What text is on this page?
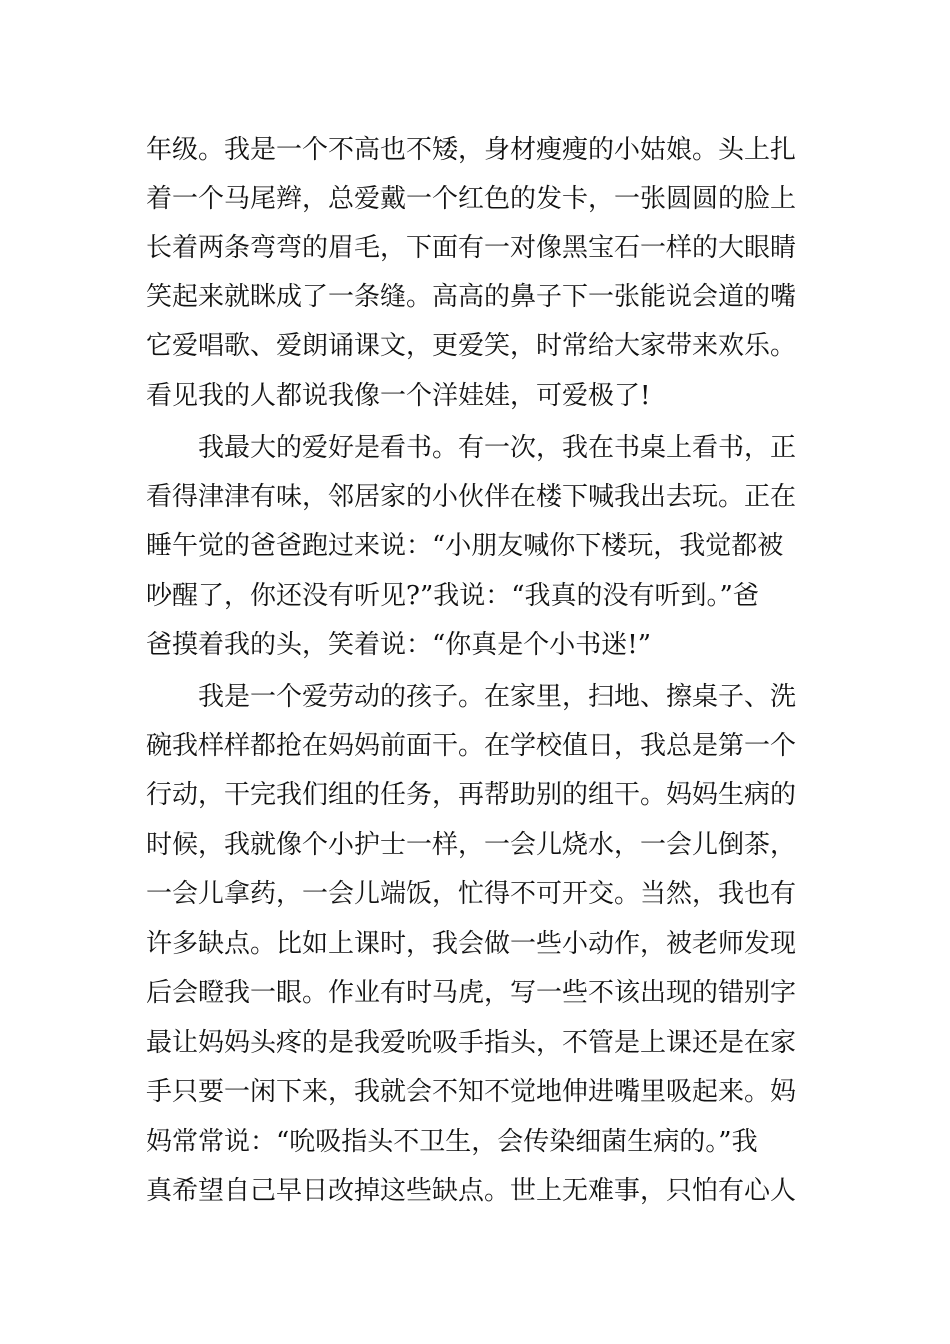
年级。我是一个不高也不矮，身材瘦瘦的小姑娘。头上扎
着一个马尾辫，总爱戴一个红色的发卡，一张圆圆的脸上
长着两条弯弯的眉毛，下面有一对像黑宝石一样的大眼睛
笑起来就眯成了一条缝。高高的鼻子下一张能说会道的嘴
它爱唱歌、爱朗诵课文，更爱笑，时常给大家带来欢乐。
看见我的人都说我像一个洋娃娃，可爱极了!
我最大的爱好是看书。有一次，我在书桌上看书，正
看得津津有味，邻居家的小伙伴在楼下喊我出去玩。正在
睡午觉的爸爸跑过来说：“小朋友喊你下楼玩，我觉都被
吵醒了，你还没有听见?”我说：“我真的没有听到。”爸
爸摸着我的头，笑着说：“你真是个小书迷!”
我是一个爱劳动的孩子。在家里，扫地、擦桌子、洗
碗我样样都抢在妈妈前面干。在学校值日，我总是第一个
行动，干完我们组的任务，再帮助别的组干。妈妈生病的
时候，我就像个小护士一样，一会儿烧水，一会儿倒茶，
一会儿拿药，一会儿端饭，忙得不可开交。当然，我也有
许多缺点。比如上课时，我会做一些小动作，被老师发现
后会瞪我一眼。作业有时马虎，写一些不该出现的错别字
最让妈妈头疼的是我爱吮吸手指头，不管是上课还是在家
手只要一闲下来，我就会不知不觉地伸进嘴里吸起来。妈
妈常常说：“吮吸指头不卫生，会传染细菌生病的。”我
真希望自己早日改掉这些缺点。世上无难事，只怕有心人
